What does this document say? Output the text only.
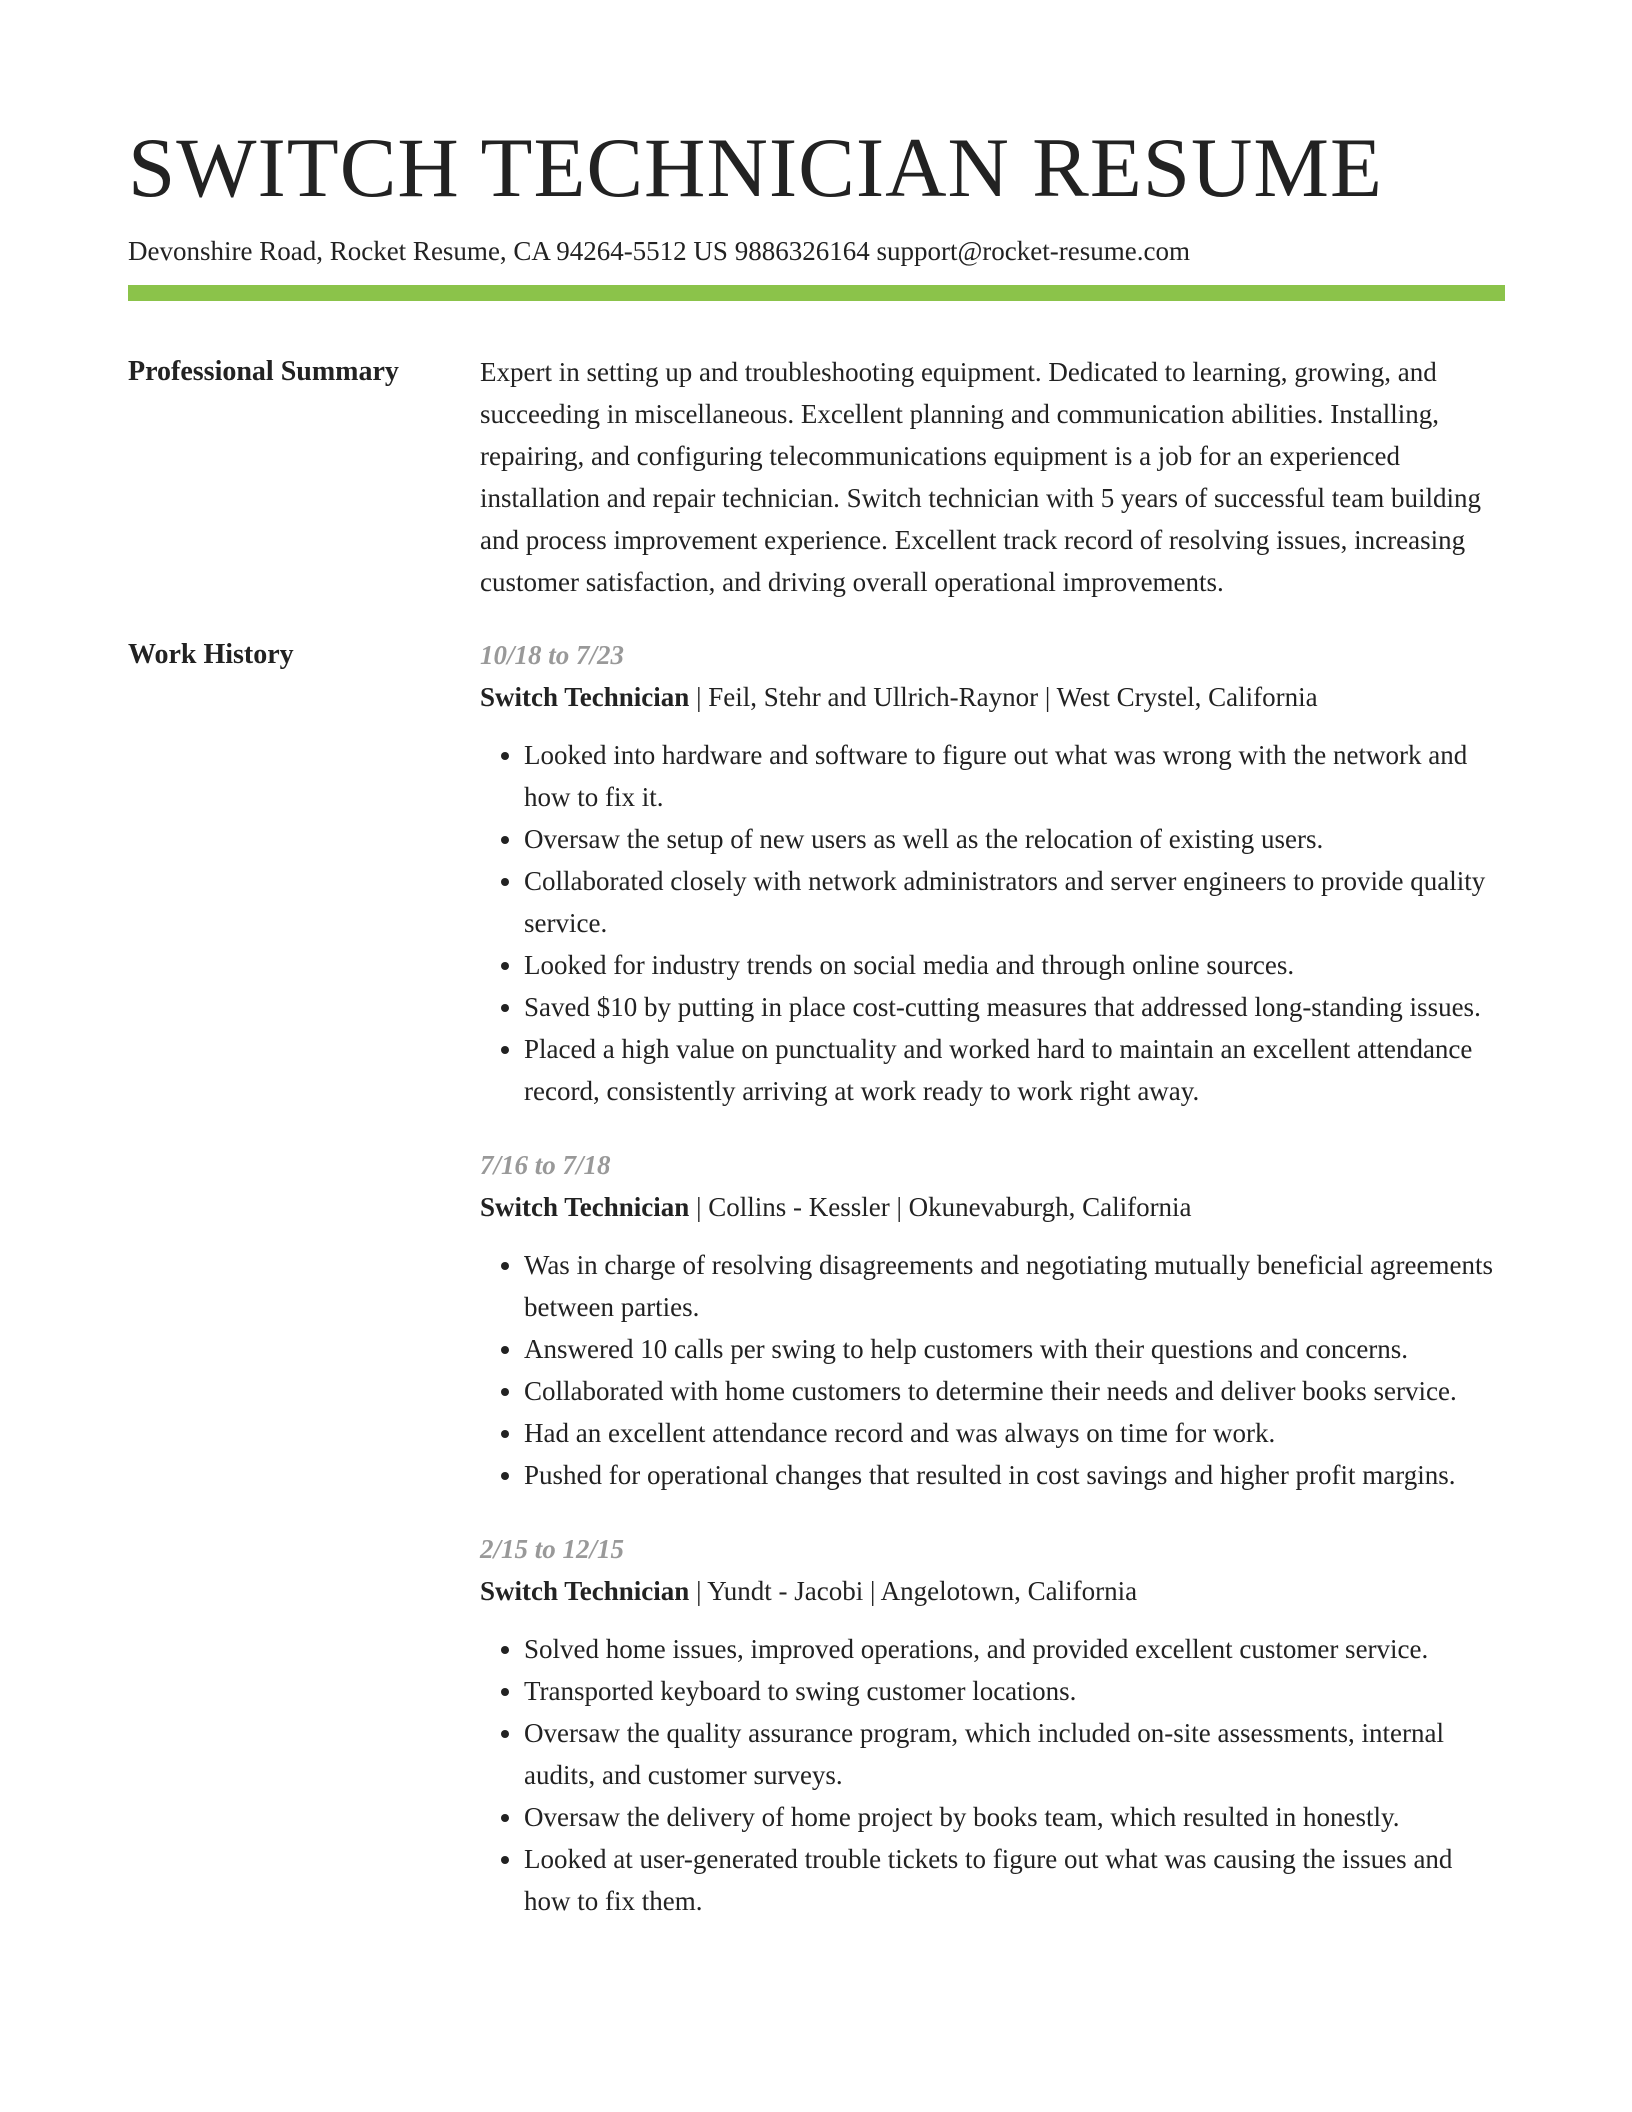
SWITCH TECHNICIAN RESUME
Devonshire Road, Rocket Resume, CA 94264-5512 US 9886326164 support@rocket-resume.com
Professional Summary	Expert in setting up and troubleshooting equipment. Dedicated to learning, growing, and succeeding in miscellaneous. Excellent planning and communication abilities. Installing, repairing, and configuring telecommunications equipment is a job for an experienced installation and repair technician. Switch technician with 5 years of successful team building and process improvement experience. Excellent track record of resolving issues, increasing customer satisfaction, and driving overall operational improvements.

Work History	10/18 to 7/23
Switch Technician | Feil, Stehr and Ullrich-Raynor | West Crystel, California
• Looked into hardware and software to figure out what was wrong with the network and how to fix it.
• Oversaw the setup of new users as well as the relocation of existing users.
• Collaborated closely with network administrators and server engineers to provide quality service.
• Looked for industry trends on social media and through online sources.
• Saved $10 by putting in place cost-cutting measures that addressed long-standing issues.
• Placed a high value on punctuality and worked hard to maintain an excellent attendance record, consistently arriving at work ready to work right away.
7/16 to 7/18
Switch Technician | Collins - Kessler | Okunevaburgh, California
• Was in charge of resolving disagreements and negotiating mutually beneficial agreements between parties.
• Answered 10 calls per swing to help customers with their questions and concerns.
• Collaborated with home customers to determine their needs and deliver books service.
• Had an excellent attendance record and was always on time for work.
• Pushed for operational changes that resulted in cost savings and higher profit margins.
2/15 to 12/15
Switch Technician | Yundt - Jacobi | Angelotown, California
• Solved home issues, improved operations, and provided excellent customer service.
• Transported keyboard to swing customer locations.
• Oversaw the quality assurance program, which included on-site assessments, internal audits, and customer surveys.
• Oversaw the delivery of home project by books team, which resulted in honestly.
• Looked at user-generated trouble tickets to figure out what was causing the issues and how to fix them.
